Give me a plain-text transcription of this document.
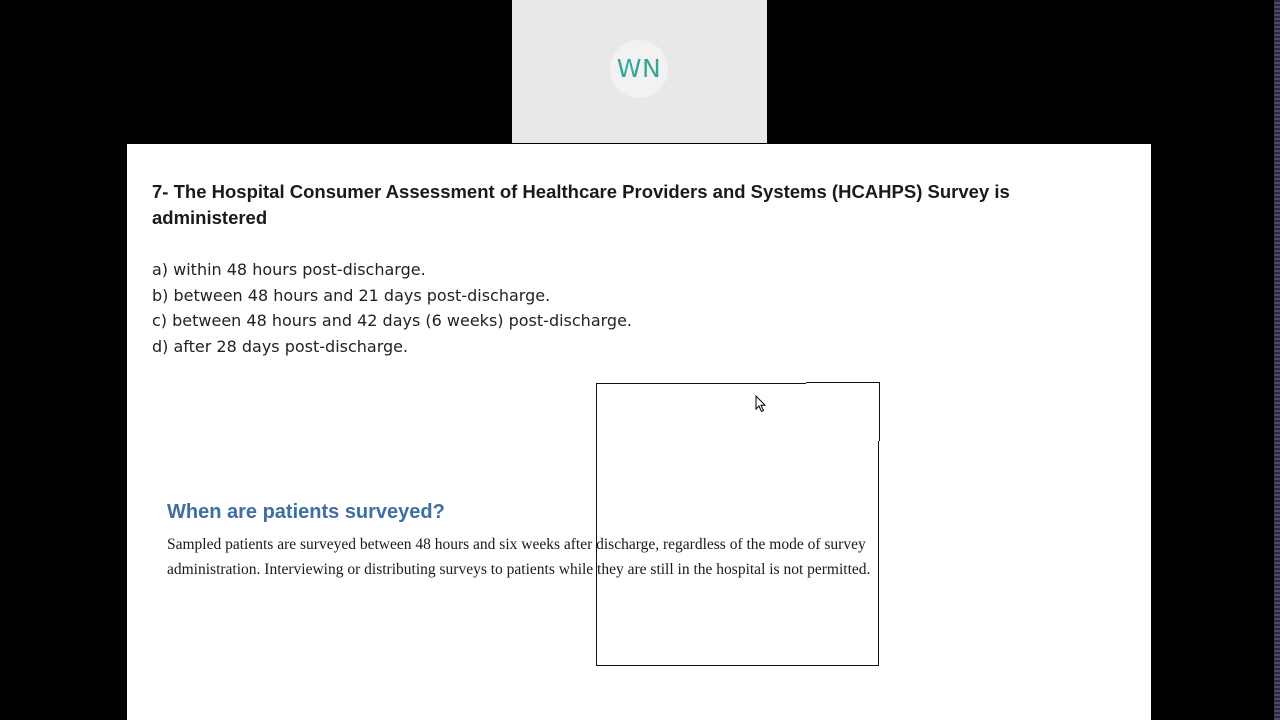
WN
7- The Hospital Consumer Assessment of Healthcare Providers and Systems (HCAHPS) Survey is administered
a) within 48 hours post-discharge.
b) between 48 hours and 21 days post-discharge.
c) between 48 hours and 42 days (6 weeks) post-discharge.
d) after 28 days post-discharge.
When are patients surveyed?

Sampled patients are surveyed between 48 hours and six weeks after discharge, regardless of the mode of survey administration. Interviewing or distributing surveys to patients while they are still in the hospital is not permitted.
